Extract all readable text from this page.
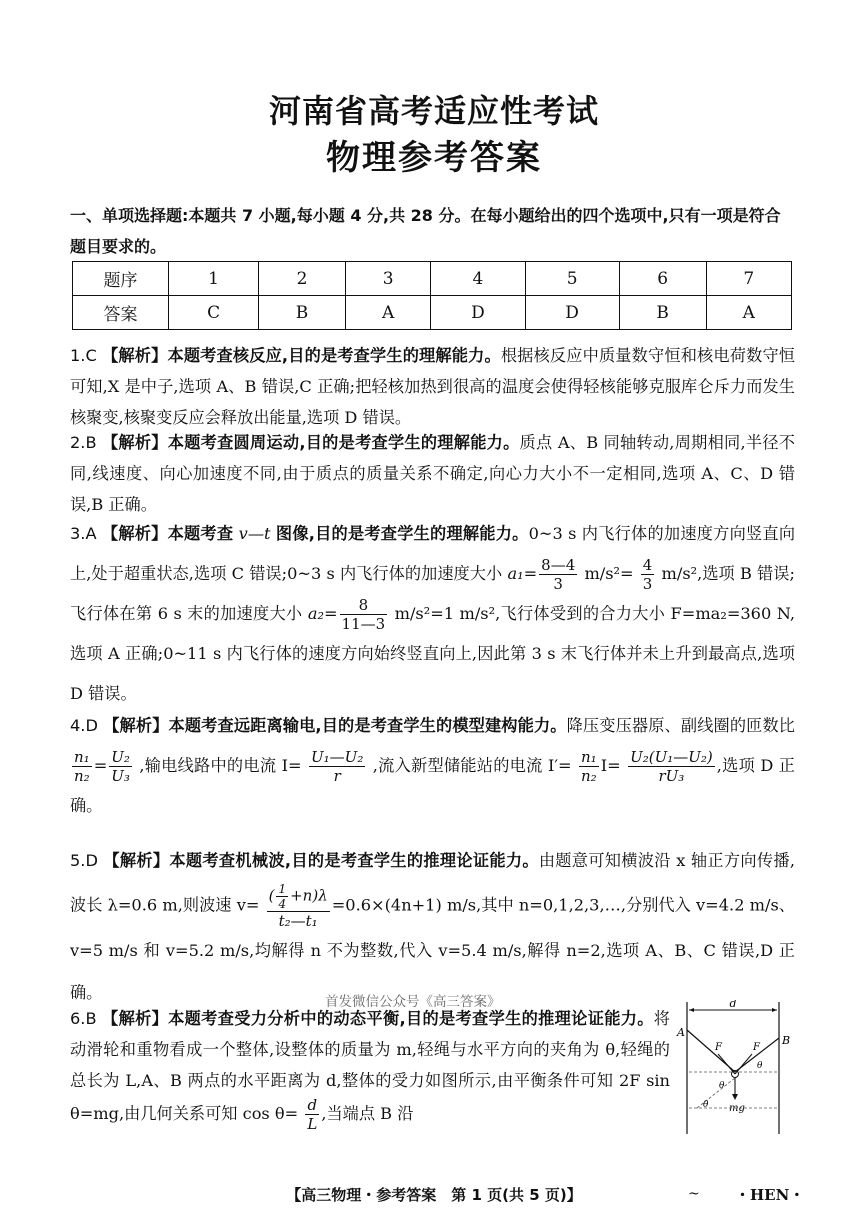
河南省高考适应性考试
物理参考答案
一、单项选择题:本题共 7 小题,每小题 4 分,共 28 分。在每小题给出的四个选项中,只有一项是符合题目要求的。
题序	1	2	3	4	5	6	7
答案	C	B	A	D	D	B	A
1.C 【解析】本题考查核反应,目的是考查学生的理解能力。根据核反应中质量数守恒和核电荷数守恒可知,X 是中子,选项 A、B 错误,C 正确;把轻核加热到很高的温度会使得轻核能够克服库仑斥力而发生核聚变,核聚变反应会释放出能量,选项 D 错误。
2.B 【解析】本题考查圆周运动,目的是考查学生的理解能力。质点 A、B 同轴转动,周期相同,半径不同,线速度、向心加速度不同,由于质点的质量关系不确定,向心力大小不一定相同,选项 A、C、D 错误,B 正确。
3.A 【解析】本题考查 v—t 图像,目的是考查学生的理解能力。0~3 s 内飞行体的加速度方向竖直向上,处于超重状态,选项 C 错误;0~3 s 内飞行体的加速度大小 $a_1= \frac{8—4}{3} m/s^2= \frac{4}{3} m/s^2$,选项 B 错误;飞行体在第 6 s 末的加速度大小 $a_2= \frac{8}{11—3} m/s^2=1$ m/s²,飞行体受到的合力大小 F=ma₂=360 N,选项 A 正确;0~11 s 内飞行体的速度方向始终竖直向上,因此第 3 s 末飞行体并未上升到最高点,选项 D 错误。
4.D 【解析】本题考查远距离输电,目的是考查学生的模型建构能力。降压变压器原、副线圈的匝数比
$\frac{\text{n₁}}{\text{n₂}} = \frac{\text{U₂}}{\text{U₃}}$ ,输电线路中的电流 $I= \frac{\text{U₁—U₂}}{r}$ ,流入新型储能站的电流 $I'= \frac{\text{n₁}}{\text{n₂}} I= \frac{\text{U₂(U₁—U₂)}}{\text{rU₃}}$ ,选项 D 正确。
5.D 【解析】本题考查机械波,目的是考查学生的推理论证能力。由题意可知横波沿 x 轴正方向传播,波长 λ=0.6 m,则波速 $v= \frac{( \frac{1}{4} +n)\lambda}{\text{t₂—t₁}} =0.6\times(4n+1)$ m/s,其中 n=0,1,2,3,…,分别代入 v=4.2 m/s、v=5 m/s 和 v=5.2 m/s,均解得 n 不为整数,代入 v=5.4 m/s,解得 n=2,选项 A、B、C 错误,D 正确。	首发微信公众号《高三答案》
6.B 【解析】本题考查受力分析中的动态平衡,目的是考查学生的推理论证能力。将动滑轮和重物看成一个整体,设整体的质量为 m,轻绳与水平方向的夹角为 θ,轻绳的总长为 L,A、B 两点的水平距离为 d,整体的受力如图所示,由平衡条件可知 2F sin θ=mg,由几何关系可知 $\cos \theta= \frac{d}{L}$ ,当端点 B 沿
d
A
B
mg
F	F
θ
θ
θ
【高三物理・参考答案　第 1 页(共 5 页)】	~ ・HEN・
